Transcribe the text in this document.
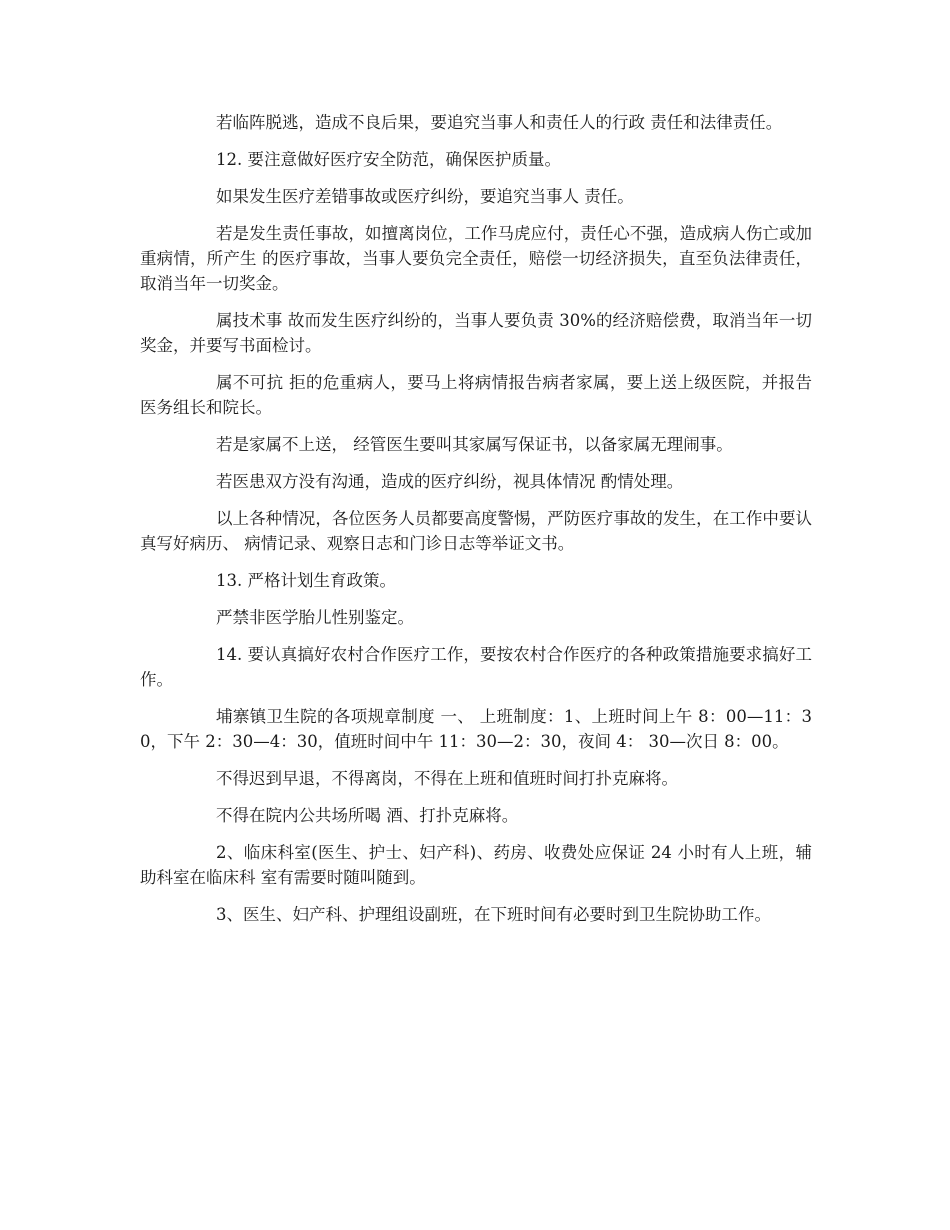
若临阵脱逃，造成不良后果，要追究当事人和责任人的行政 责任和法律责任。

12. 要注意做好医疗安全防范，确保医护质量。

如果发生医疗差错事故或医疗纠纷，要追究当事人 责任。

若是发生责任事故，如擅离岗位，工作马虎应付，责任心不强，造成病人伤亡或加重病情，所产生 的医疗事故，当事人要负完全责任，赔偿一切经济损失，直至负法律责任，取消当年一切奖金。

属技术事 故而发生医疗纠纷的，当事人要负责 30%的经济赔偿费，取消当年一切奖金，并要写书面检讨。

属不可抗 拒的危重病人，要马上将病情报告病者家属，要上送上级医院，并报告医务组长和院长。

若是家属不上送， 经管医生要叫其家属写保证书，以备家属无理闹事。

若医患双方没有沟通，造成的医疗纠纷，视具体情况 酌情处理。

以上各种情况，各位医务人员都要高度警惕，严防医疗事故的发生，在工作中要认真写好病历、 病情记录、观察日志和门诊日志等举证文书。

13. 严格计划生育政策。

严禁非医学胎儿性别鉴定。

14. 要认真搞好农村合作医疗工作，要按农村合作医疗的各种政策措施要求搞好工作。

埔寨镇卫生院的各项规章制度 一、 上班制度：1、上班时间上午 8：00—11：30，下午 2：30—4：30，值班时间中午 11：30—2：30，夜间 4： 30—次日 8：00。

不得迟到早退，不得离岗，不得在上班和值班时间打扑克麻将。

不得在院内公共场所喝 酒、打扑克麻将。

2、临床科室(医生、护士、妇产科)、药房、收费处应保证 24 小时有人上班，辅助科室在临床科 室有需要时随叫随到。

3、医生、妇产科、护理组设副班，在下班时间有必要时到卫生院协助工作。
